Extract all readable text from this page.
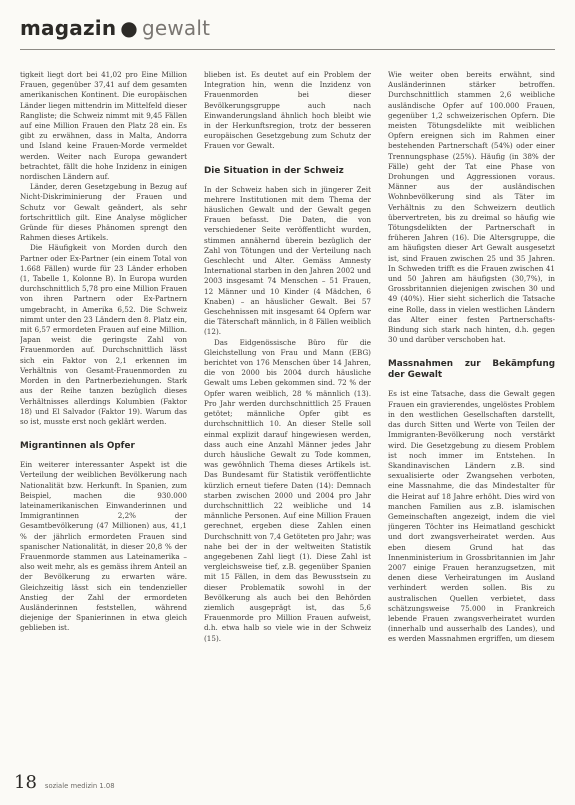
magazin ● gewalt

tigkeit liegt dort bei 41,02 pro Eine Million Frauen, gegenüber 37,41 auf dem gesamten amerikanischen Kontinent. Die europäischen Länder liegen mittendrin im Mittelfeld dieser Rangliste; die Schweiz nimmt mit 9,45 Fällen auf eine Million Frauen den Platz 28 ein. Es gibt zu erwähnen, dass in Malta, Andorra und Island keine Frauen-Morde vermeldet werden. Weiter nach Europa gewandert betrachtet, fällt die hohe Inzidenz in einigen nordischen Ländern auf.

Länder, deren Gesetzgebung in Bezug auf Nicht-Diskriminierung der Frauen und Schutz vor Gewalt geändert, als sehr fortschrittlich gilt. Eine Analyse möglicher Gründe für dieses Phänomen sprengt den Rahmen dieses Artikels.

Die Häufigkeit von Morden durch den Partner oder Ex-Partner (ein einem Total von 1.668 Fällen) wurde für 23 Länder erhoben (1, Tabelle 1, Kolonne B). In Europa wurden durchschnittlich 5,78 pro eine Million Frauen von ihren Partnern oder Ex-Partnern umgebracht, in Amerika 6,52. Die Schweiz nimmt unter den 23 Ländern den 8. Platz ein, mit 6,57 ermordeten Frauen auf eine Million. Japan weist die geringste Zahl von Frauenmorden auf. Durchschnittlich lässt sich ein Faktor von 2,1 erkennen im Verhältnis von Gesamt-Frauenmorden zu Morden in den Partnerbeziehungen. Stark aus der Reihe tanzen bezüglich dieses Verhältnisses allerdings Kolumbien (Faktor 18) und El Salvador (Faktor 19). Warum das so ist, musste erst noch geklärt werden.

Migrantinnen als Opfer

Ein weiterer interessanter Aspekt ist die Verteilung der weiblichen Bevölkerung nach Nationalität bzw. Herkunft. In Spanien, zum Beispiel, machen die 930.000 lateinamerikanischen Einwanderinnen und Immigrantinnen 2,2% der Gesamtbevölkerung (47 Millionen) aus, 41,1 % der jährlich ermordeten Frauen sind spanischer Nationalität, in dieser 20,8 % der Frauenmorde stammen aus Lateinamerika – also weit mehr, als es gemäss ihrem Anteil an der Bevölkerung zu erwarten wäre. Gleichzeitig lässt sich ein tendenzieller Anstieg der Zahl der ermordeten Ausländerinnen feststellen, während diejenige der Spanierinnen in etwa gleich geblieben ist.

blieben ist. Es deutet auf ein Problem der Integration hin, wenn die Inzidenz von Frauenmorden bei dieser Bevölkerungsgruppe auch nach Einwanderungsland ähnlich hoch bleibt wie in der Herkunftsregion, trotz der besseren europäischen Gesetzgebung zum Schutz der Frauen vor Gewalt.

Die Situation in der Schweiz

In der Schweiz haben sich in jüngerer Zeit mehrere Institutionen mit dem Thema der häuslichen Gewalt und der Gewalt gegen Frauen befasst. Die Daten, die von verschiedener Seite veröffentlicht wurden, stimmen annähernd überein bezüglich der Zahl von Tötungen und der Verteilung nach Geschlecht und Alter. Gemäss Amnesty International starben in den Jahren 2002 und 2003 insgesamt 74 Menschen – 51 Frauen, 12 Männer und 10 Kinder (4 Mädchen, 6 Knaben) – an häuslicher Gewalt. Bei 57 Geschehnissen mit insgesamt 64 Opfern war die Täterschaft männlich, in 8 Fällen weiblich (12).

Das Eidgenössische Büro für die Gleichstellung von Frau und Mann (EBG) berichtet von 176 Menschen über 14 Jahren, die von 2000 bis 2004 durch häusliche Gewalt ums Leben gekommen sind. 72 % der Opfer waren weiblich, 28 % männlich (13). Pro Jahr werden durchschnittlich 25 Frauen getötet; männliche Opfer gibt es durchschnittlich 10. An dieser Stelle soll einmal explizit darauf hingewiesen werden, dass auch eine Anzahl Männer jedes Jahr durch häusliche Gewalt zu Tode kommen, was gewöhnlich Thema dieses Artikels ist. Das Bundesamt für Statistik veröffentlichte kürzlich erneut tiefere Daten (14): Demnach starben zwischen 2000 und 2004 pro Jahr durchschnittlich 22 weibliche und 14 männliche Personen. Auf eine Million Frauen gerechnet, ergeben diese Zahlen einen Durchschnitt von 7,4 Getöteten pro Jahr; was nahe bei der in der weltweiten Statistik angegebenen Zahl liegt (1). Diese Zahl ist vergleichsweise tief, z.B. gegenüber Spanien mit 15 Fällen, in dem das Bewusstsein zu dieser Problematik sowohl in der Bevölkerung als auch bei den Behörden ziemlich ausgeprägt ist, das 5,6 Frauenmorde pro Million Frauen aufweist, d.h. etwa halb so viele wie in der Schweiz (15).

Wie weiter oben bereits erwähnt, sind Ausländerinnen stärker betroffen. Durchschnittlich stammen 2,6 weibliche ausländische Opfer auf 100.000 Frauen, gegenüber 1,2 schweizerischen Opfern. Die meisten Tötungsdelikte mit weiblichen Opfern ereignen sich im Rahmen einer bestehenden Partnerschaft (54%) oder einer Trennungsphase (25%). Häufig (in 38% der Fälle) geht der Tat eine Phase von Drohungen und Aggressionen voraus. Männer aus der ausländischen Wohnbevölkerung sind als Täter im Verhältnis zu den Schweizern deutlich übervertreten, bis zu dreimal so häufig wie Tötungsdelikten der Partnerschaft in früheren Jahren (16). Die Altersgruppe, die am häufigsten dieser Art Gewalt ausgesetzt ist, sind Frauen zwischen 25 und 35 Jahren. In Schweden trifft es die Frauen zwischen 41 und 50 Jahren am häufigsten (30,7%), in Grossbritannien diejenigen zwischen 30 und 49 (40%). Hier sieht sicherlich die Tatsache eine Rolle, dass in vielen westlichen Ländern das Alter einer festen Partnerschafts-Bindung sich stark nach hinten, d.h. gegen 30 und darüber verschoben hat.

Massnahmen zur Bekämpfung der Gewalt

Es ist eine Tatsache, dass die Gewalt gegen Frauen ein gravierendes, ungelöstes Problem in den westlichen Gesellschaften darstellt, das durch Sitten und Werte von Teilen der Immigranten-Bevölkerung noch verstärkt wird. Die Gesetzgebung zu diesem Problem ist noch immer im Entstehen. In Skandinavischen Ländern z.B. sind sexualisierte oder Zwangsehen verboten, eine Massnahme, die das Mindestalter für die Heirat auf 18 Jahre erhöht. Dies wird von manchen Familien aus z.B. islamischen Gemeinschaften angezeigt, indem die viel jüngeren Töchter ins Heimatland geschickt und dort zwangsverheiratet werden. Aus eben diesem Grund hat das Innenministerium in Grossbritannien im Jahr 2007 einige Frauen heranzugsetzen, mit denen diese Verheiratungen im Ausland verhindert werden sollen. Bis zu australischen Quellen verbietet, dass schätzungsweise 75.000 in Frankreich lebende Frauen zwangsverheiratet wurden (innerhalb und ausserhalb des Landes), und es werden Massnahmen ergriffen, um diesem

18 soziale medizin 1.08
